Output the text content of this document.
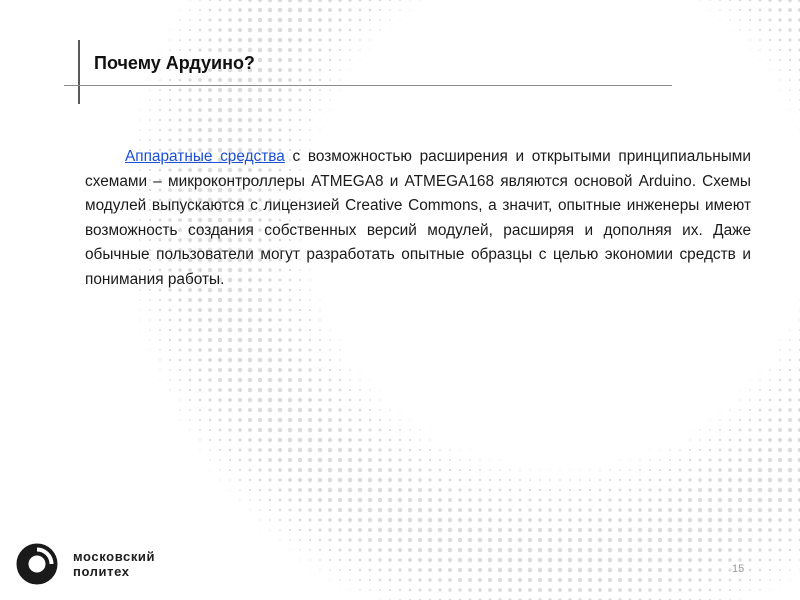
Почему Ардуино?

Аппаратные средства с возможностью расширения и открытыми принципиальными схемами – микроконтроллеры ATMEGA8 и ATMEGA168 являются основой Arduino. Схемы модулей выпускаются с лицензией Creative Commons, а значит, опытные инженеры имеют возможность создания собственных версий модулей, расширяя и дополняя их. Даже обычные пользователи могут разработать опытные образцы с целью экономии средств и понимания работы.

московский
политех	15
